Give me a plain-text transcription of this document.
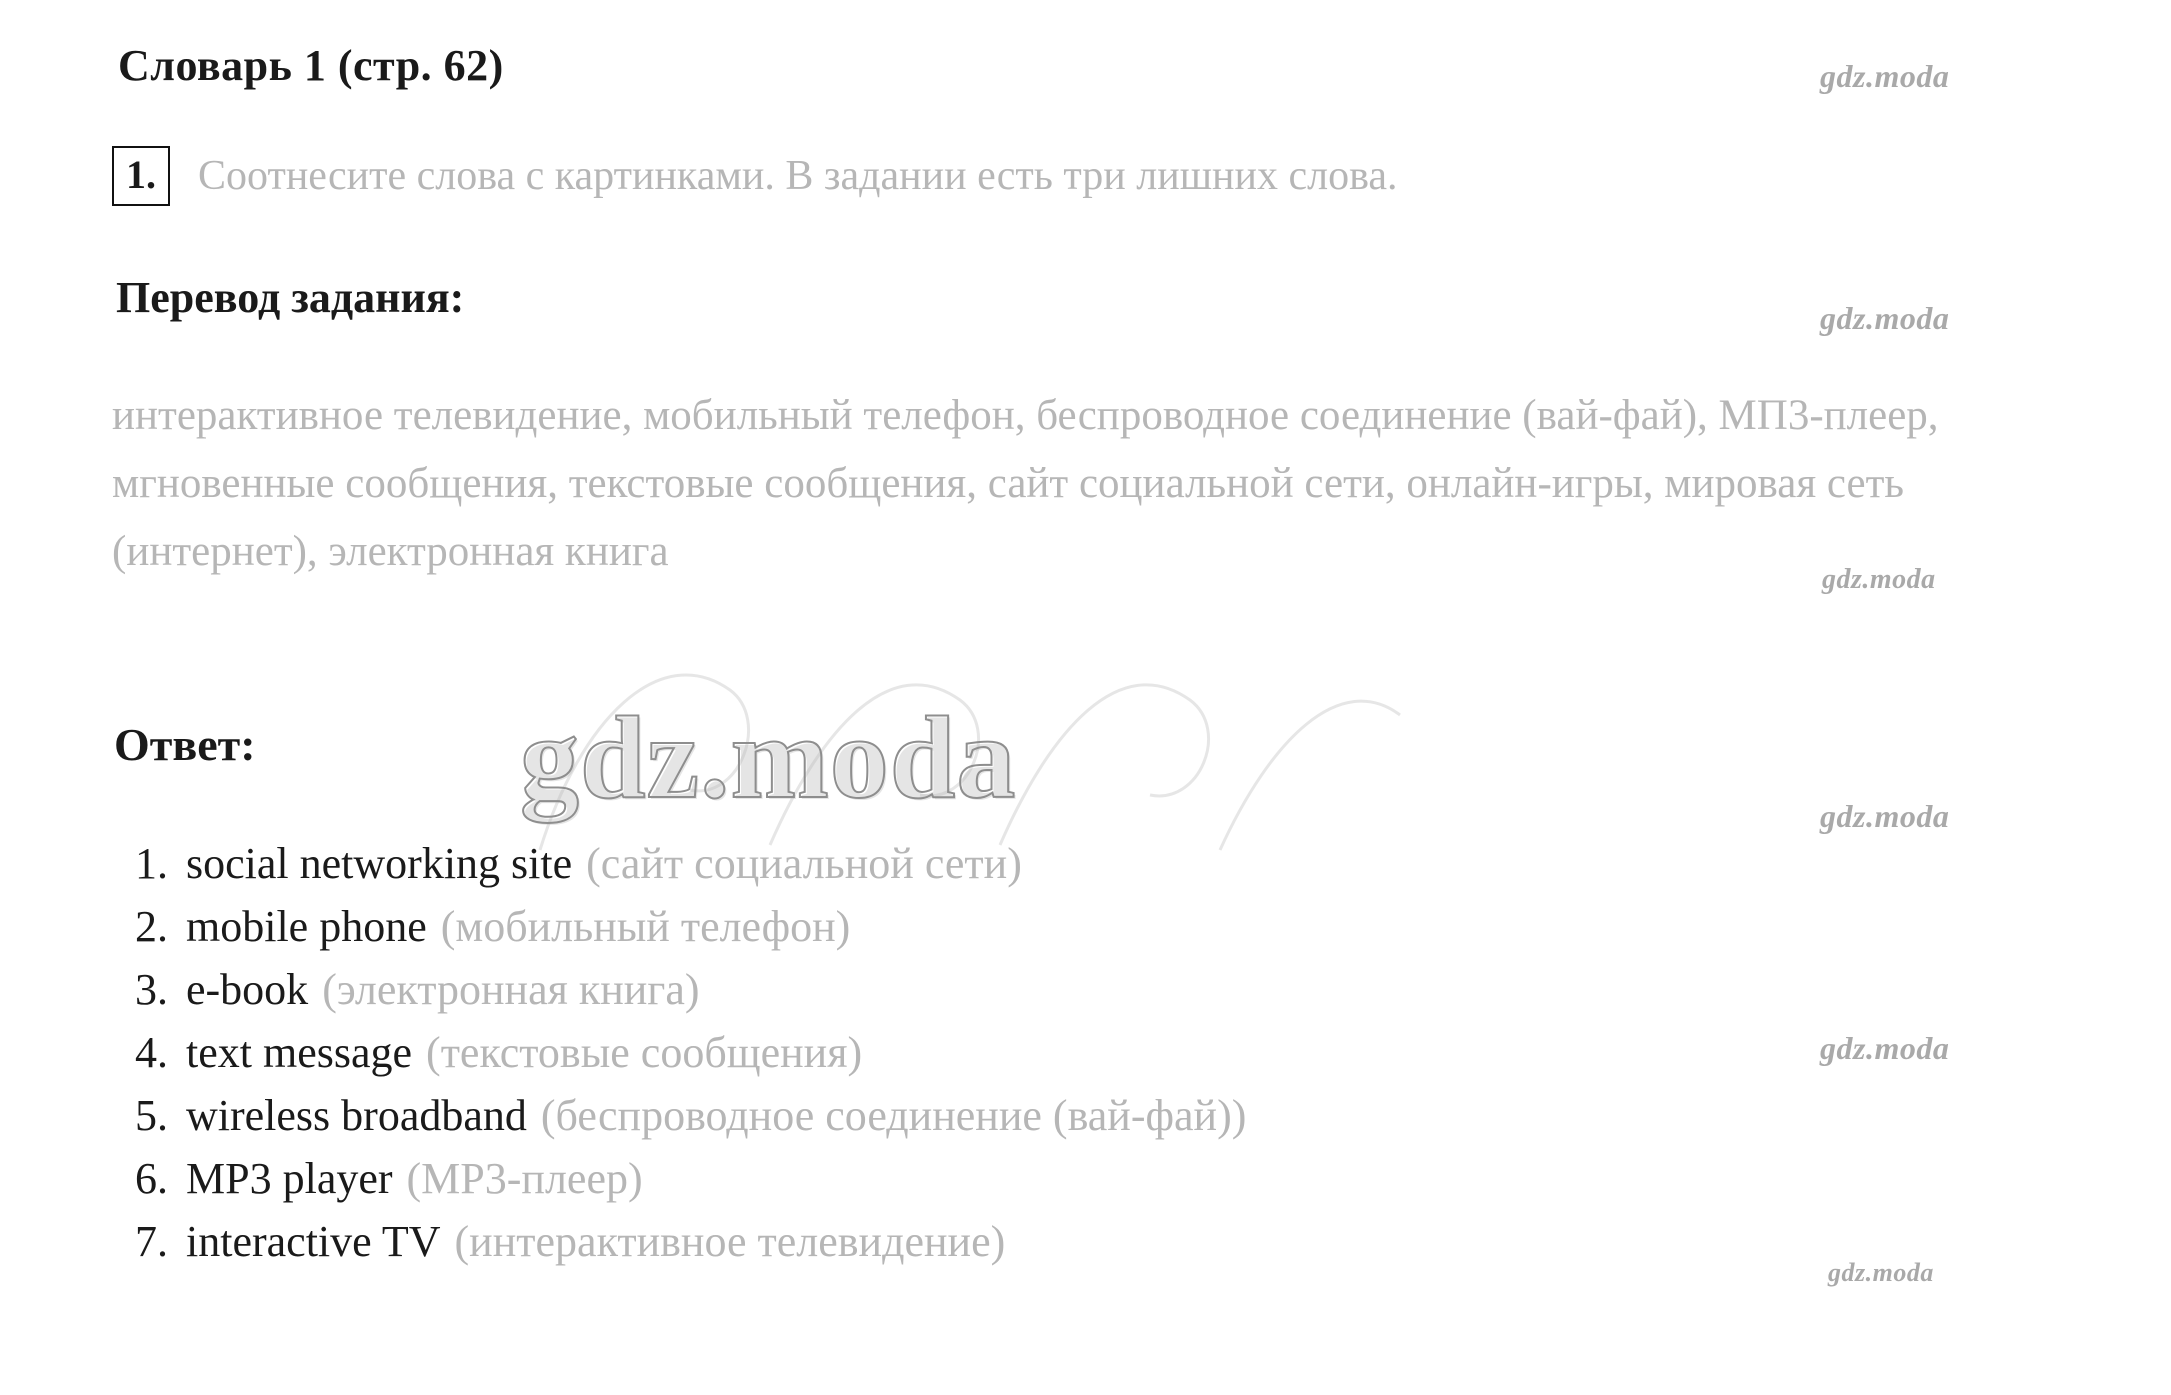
Словарь 1 (стр. 62)	gdz.moda
1.	Соотнесите слова с картинками. В задании есть три лишних слова.
Перевод задания:	gdz.moda
интерактивное телевидение, мобильный телефон, беспроводное соединение (вай-фай), МП3-плеер, мгновенные сообщения, текстовые сообщения, сайт социальной сети, онлайн-игры, мировая сеть (интернет), электронная книга
gdz.moda
Ответ: gdz.moda	gdz.moda
1. social networking site (сайт социальной сети)
2. mobile phone (мобильный телефон)
3. e-book (электронная книга)
4. text message (текстовые сообщения)
5. wireless broadband (беспроводное соединение (вай-фай))
6. MP3 player (МР3-плеер)
7. interactive TV (интерактивное телевидение)
gdz.moda
gdz.moda
